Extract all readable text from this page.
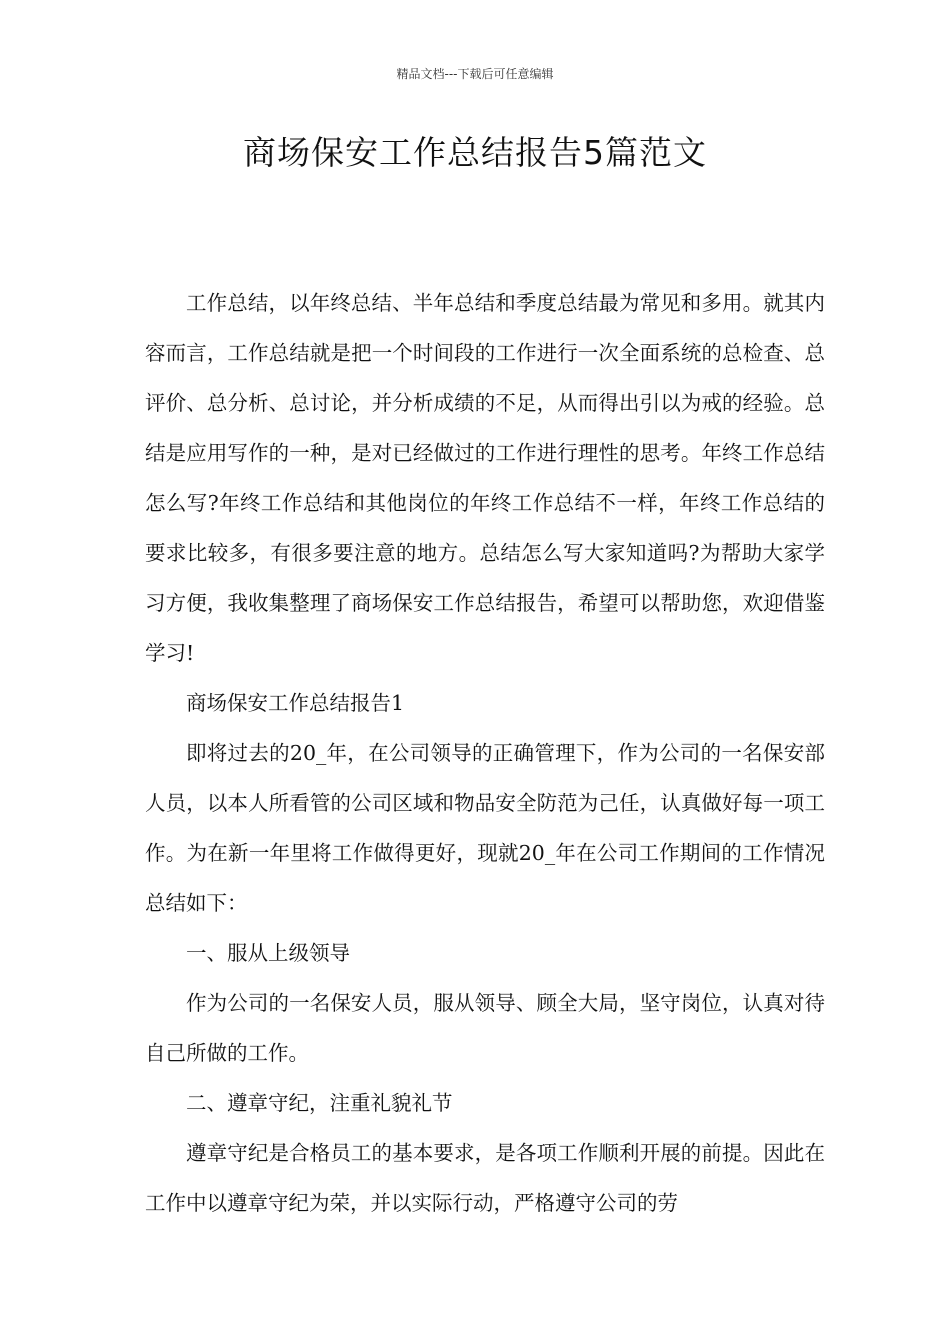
精品文档---下载后可任意编辑
商场保安工作总结报告5篇范文

工作总结，以年终总结、半年总结和季度总结最为常见和多用。就其内容而言，工作总结就是把一个时间段的工作进行一次全面系统的总检查、总评价、总分析、总讨论，并分析成绩的不足，从而得出引以为戒的经验。总结是应用写作的一种，是对已经做过的工作进行理性的思考。年终工作总结怎么写?年终工作总结和其他岗位的年终工作总结不一样，年终工作总结的要求比较多，有很多要注意的地方。总结怎么写大家知道吗?为帮助大家学习方便，我收集整理了商场保安工作总结报告，希望可以帮助您，欢迎借鉴学习!

商场保安工作总结报告1

即将过去的20_年，在公司领导的正确管理下，作为公司的一名保安部人员，以本人所看管的公司区域和物品安全防范为己任，认真做好每一项工作。为在新一年里将工作做得更好，现就20_年在公司工作期间的工作情况总结如下：

一、服从上级领导

作为公司的一名保安人员，服从领导、顾全大局，坚守岗位，认真对待自己所做的工作。

二、遵章守纪，注重礼貌礼节

遵章守纪是合格员工的基本要求，是各项工作顺利开展的前提。因此在工作中以遵章守纪为荣，并以实际行动，严格遵守公司的劳
